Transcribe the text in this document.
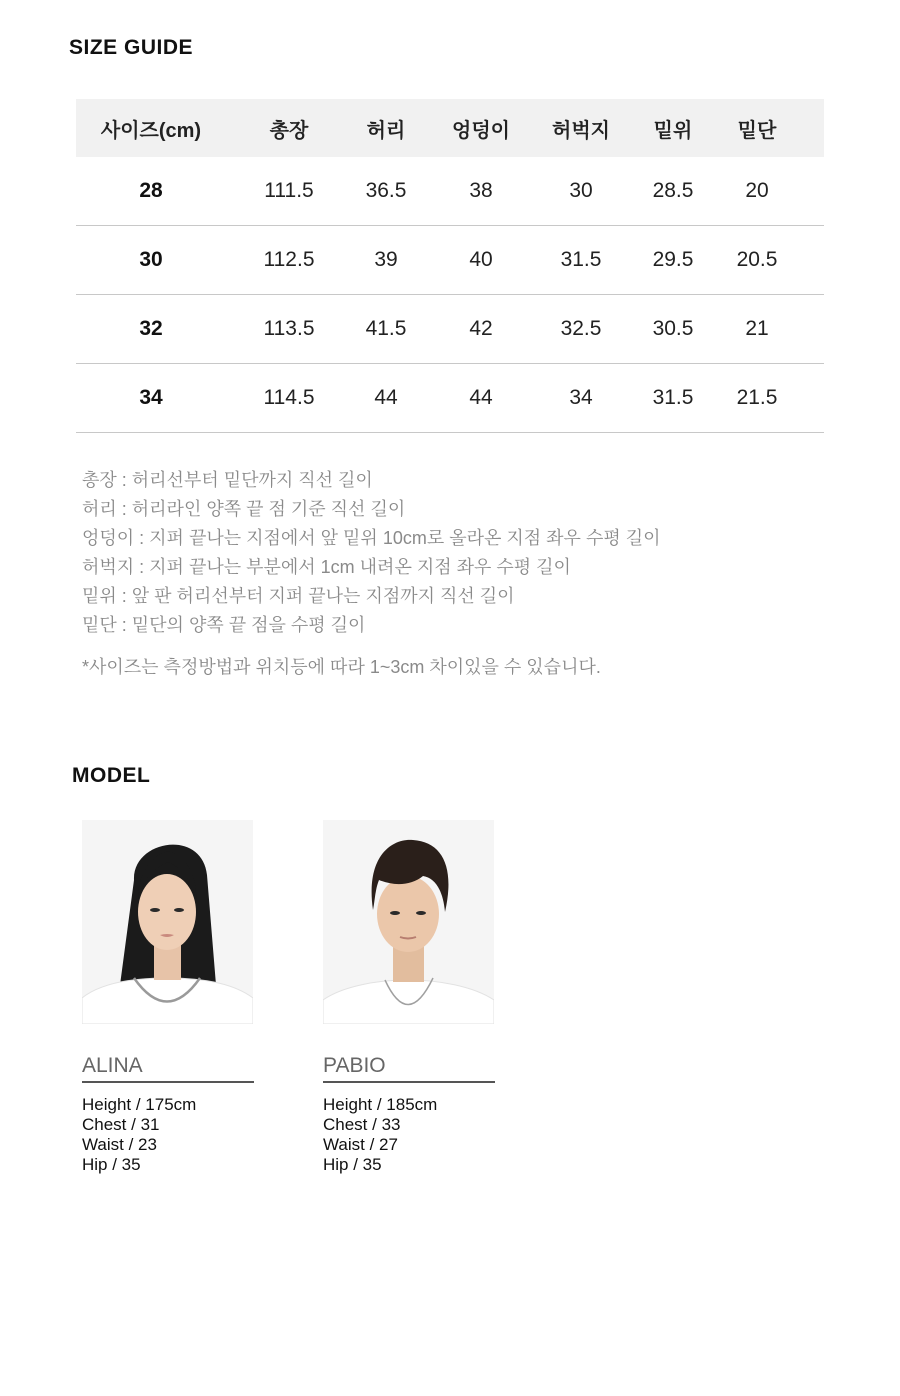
SIZE GUIDE
사이즈(cm)	총장	허리	엉덩이	허벅지	밑위	밑단
28	111.5	36.5	38	30	28.5	20
30	112.5	39	40	31.5	29.5	20.5
32	113.5	41.5	42	32.5	30.5	21
34	114.5	44	44	34	31.5	21.5
총장 : 허리선부터 밑단까지 직선 길이
허리 : 허리라인 양쪽 끝 점 기준 직선 길이
엉덩이 : 지퍼 끝나는 지점에서 앞 밑위 10cm로 올라온 지점 좌우 수평 길이
허벅지 : 지퍼 끝나는 부분에서 1cm 내려온 지점 좌우 수평 길이
밑위 : 앞 판 허리선부터 지퍼 끝나는 지점까지 직선 길이
밑단 : 밑단의 양쪽 끝 점을 수평 길이
*사이즈는 측정방법과 위치등에 따라 1~3cm 차이있을 수 있습니다.
MODEL
ALINA
Height / 175cm
Chest / 31
Waist / 23
Hip / 35
PABIO
Height / 185cm
Chest / 33
Waist / 27
Hip / 35
